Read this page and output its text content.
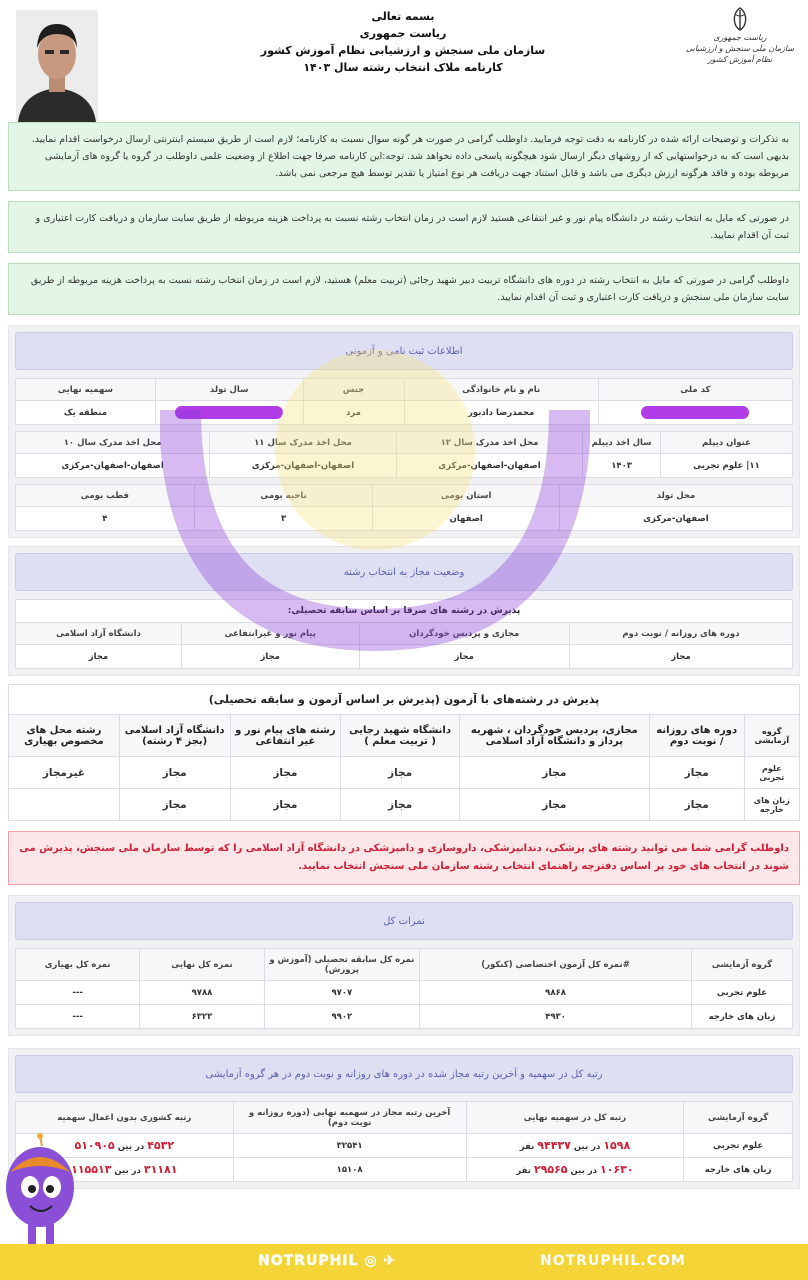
بسمه تعالی
ریاست جمهوری
سازمان ملی سنجش و ارزشیابی نظام آموزش کشور
کارنامه ملاک انتخاب رشته سال ۱۴۰۳
ریاست جمهوری
سازمان ملی سنجش و ارزشیابی نظام آموزش کشور
به تذکرات و توضیحات ارائه شده در کارنامه به دقت توجه فرمایید. داوطلب گرامی در صورت هر گونه سوال نسبت به کارنامه؛ لازم است از طریق سیستم اینترنتی ارسال درخواست اقدام نمایید. بدیهی است که به درخواستهایی که از روشهای دیگر ارسال شود هیچگونه پاسخی داده نخواهد شد. توجه:این کارنامه صرفا جهت اطلاع از وضعیت علمی داوطلب در گروه یا گروه های آزمایشی مربوطه بوده و فاقد هرگونه ارزش دیگری می باشد و قابل استناد جهت دریافت هر نوع امتیاز یا تقدیر توسط هیچ مرجعی نمی باشد.
در صورتی که مایل به انتخاب رشته در دانشگاه پیام نور و غیر انتفاعی هستید لازم است در زمان انتخاب رشته نسبت به پرداخت هزینه مربوطه از طریق سایت سازمان و دریافت کارت اعتباری و ثبت آن اقدام نمایید.
داوطلب گرامی در صورتی که مایل به انتخاب رشته در دوره های دانشگاه تربیت دبیر شهید رجائی (تربیت معلم) هستید، لازم است در زمان انتخاب رشته نسبت به پرداخت هزینه مربوطه از طریق سایت سازمان ملی سنجش و دریافت کارت اعتباری و ثبت آن اقدام نمایید.
اطلاعات ثبت نامی و آزمونی
کد ملی	نام و نام خانوادگی	جنس	سال تولد	سهمیه نهایی
	محمدرضا دادبور	مرد		منطقه یک
عنوان دیپلم	سال اخذ دیپلم	محل اخذ مدرک سال ۱۲	محل اخذ مدرک سال ۱۱	محل اخذ مدرک سال ۱۰
۱۱| علوم تجربی	۱۴۰۳	اصفهان-اصفهان-مرکزی	اصفهان-اصفهان-مرکزی	اصفهان-اصفهان-مرکزی
محل تولد	استان بومی	ناحیه بومی	قطب بومی
اصفهان-مرکزی	اصفهان	۳	۴
وضعیت مجاز به انتخاب رشته
پذیرش در رشته های صرفا بر اساس سابقه تحصیلی:
دوره های روزانه / نوبت دوم	مجازی و پردیس خودگردان	پیام نور و غیرانتفاعی	دانشگاه آزاد اسلامی
مجاز	مجاز	مجاز	مجاز
پذیرش در رشته‌های با آزمون (پذیرش بر اساس آزمون و سابقه تحصیلی)
گروه آزمایشی	دوره های روزانه / نوبت دوم	مجازی، پردیس خودگردان ، شهریه پرداز و دانشگاه آزاد اسلامی	دانشگاه شهید رجایی ( تربیت معلم )	رشته های پیام نور و غیر انتفاعی	دانشگاه آزاد اسلامی (بجز ۴ رشته)	رشته محل های مخصوص بهیاری
علوم تجربی	مجاز	مجاز	مجاز	مجاز	مجاز	غیرمجاز
زبان های خارجه	مجاز	مجاز	مجاز	مجاز	مجاز	
داوطلب گرامی شما می توانید رشته های پزشکی، دندانپزشکی، داروسازی و دامپزشکی در دانشگاه آزاد اسلامی را که توسط سازمان ملی سنجش، پذیرش می شوند در انتخاب های خود بر اساس دفترچه راهنمای انتخاب رشته سازمان ملی سنجش انتخاب نمایید.
نمرات کل
گروه آزمایشی	#نمره کل آزمون اختصاصی (کنکور)	نمره کل سابقه تحصیلی (آموزش و پرورش)	نمره کل نهایی	نمره کل بهیاری
علوم تجربی	۹۸۶۸	۹۷۰۷	۹۷۸۸	---
زبان های خارجه	۴۹۳۰	۹۹۰۲	۶۳۲۳	---
رتبه کل در سهمیه و آخرین رتبه مجاز شده در دوره های روزانه و نوبت دوم در هر گروه آزمایشی
گروه آزمایشی	رتبه کل در سهمیه نهایی	آخرین رتبه مجاز در سهمیه نهایی (دوره روزانه و نوبت دوم)	رتبه کشوری بدون اعمال سهمیه
علوم تجربی	۱۵۹۸ در بین ۹۴۴۳۷ نفر	۳۲۵۴۱	۴۵۳۲ در بین ۵۱۰۹۰۵
زبان های خارجه	۱۰۶۳۰ در بین ۲۹۵۶۵ نفر	۱۵۱۰۸	۳۱۱۸۱ در بین ۱۱۵۵۱۳
✈ ◎ NOTRUPHIL	NOTRUPHIL.COM
